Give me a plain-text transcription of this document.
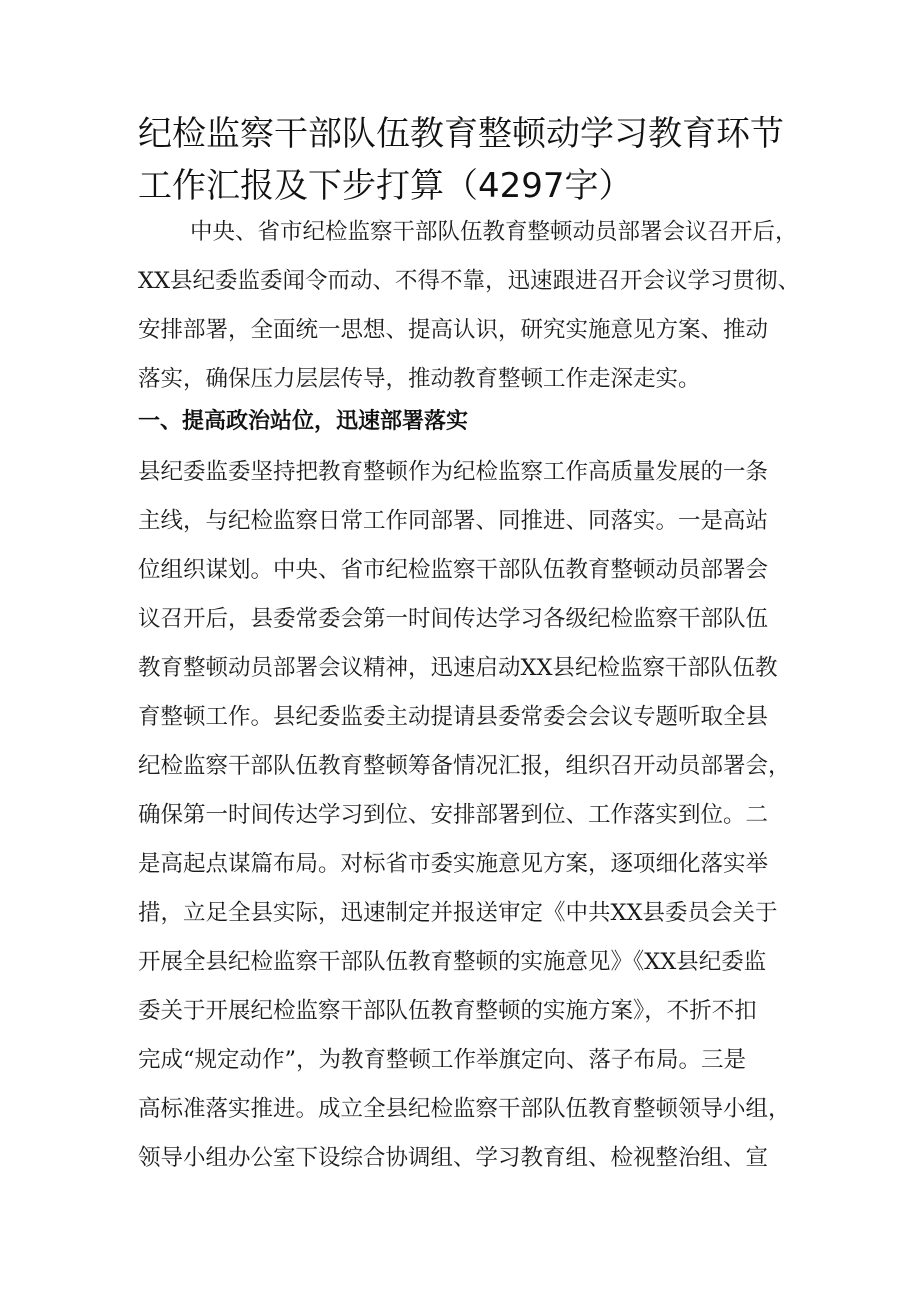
纪检监察干部队伍教育整顿动学习教育环节
工作汇报及下步打算（4297字）
中央、省市纪检监察干部队伍教育整顿动员部署会议召开后，
XX县纪委监委闻令而动、不得不靠，迅速跟进召开会议学习贯彻、
安排部署，全面统一思想、提高认识，研究实施意见方案、推动
落实，确保压力层层传导，推动教育整顿工作走深走实。
一、提高政治站位，迅速部署落实
县纪委监委坚持把教育整顿作为纪检监察工作高质量发展的一条
主线，与纪检监察日常工作同部署、同推进、同落实。一是高站
位组织谋划。中央、省市纪检监察干部队伍教育整顿动员部署会
议召开后，县委常委会第一时间传达学习各级纪检监察干部队伍
教育整顿动员部署会议精神，迅速启动XX县纪检监察干部队伍教
育整顿工作。县纪委监委主动提请县委常委会会议专题听取全县
纪检监察干部队伍教育整顿筹备情况汇报，组织召开动员部署会，
确保第一时间传达学习到位、安排部署到位、工作落实到位。二
是高起点谋篇布局。对标省市委实施意见方案，逐项细化落实举
措，立足全县实际，迅速制定并报送审定《中共XX县委员会关于
开展全县纪检监察干部队伍教育整顿的实施意见》《XX县纪委监
委关于开展纪检监察干部队伍教育整顿的实施方案》，不折不扣
完成“规定动作”，为教育整顿工作举旗定向、落子布局。三是
高标准落实推进。成立全县纪检监察干部队伍教育整顿领导小组，
领导小组办公室下设综合协调组、学习教育组、检视整治组、宣
